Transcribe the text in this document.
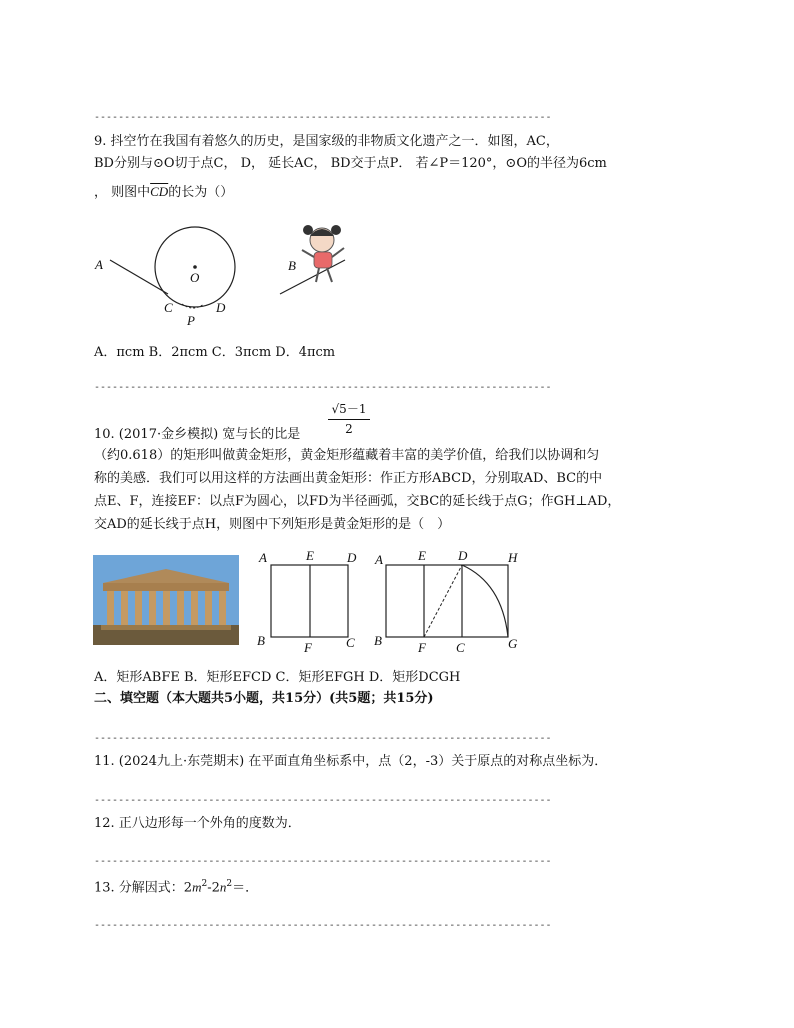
----------------------------------------------------------------------------
9. 抖空竹在我国有着悠久的历史，是国家级的非物质文化遗产之一．如图，AC，
BD分别与⊙O切于点C， D， 延长AC， BD交于点P． 若∠P＝120°，⊙O的半径为6cm
， 则图中$\overline{CD}$的长为（）
A	B
C	D
O
P
A．πcm B．2πcm C．3πcm D．4πcm
----------------------------------------------------------------------------
10. (2017·金乡模拟) 宽与长的比是 $\frac{√5-1}{2}$
（约0.618）的矩形叫做黄金矩形，黄金矩形蕴藏着丰富的美学价值，给我们以协调和匀
称的美感．我们可以用这样的方法画出黄金矩形：作正方形ABCD，分别取AD、BC的中
点E、F，连接EF：以点F为圆心，以FD为半径画弧，交BC的延长线于点G；作GH⊥AD，
交AD的延长线于点H，则图中下列矩形是黄金矩形的是（　）
A	E	D
B	F	C
A	E D	H
B	F C	G
A．矩形ABFE B．矩形EFCD C．矩形EFGH D．矩形DCGH
二、填空题（本大题共5小题，共15分）(共5题；共15分)
----------------------------------------------------------------------------
11. (2024九上·东莞期末) 在平面直角坐标系中，点（2，-3）关于原点的对称点坐标为．
----------------------------------------------------------------------------
12. 正八边形每一个外角的度数为．
----------------------------------------------------------------------------
13. 分解因式：$2m^2-2n^2=$．
----------------------------------------------------------------------------
